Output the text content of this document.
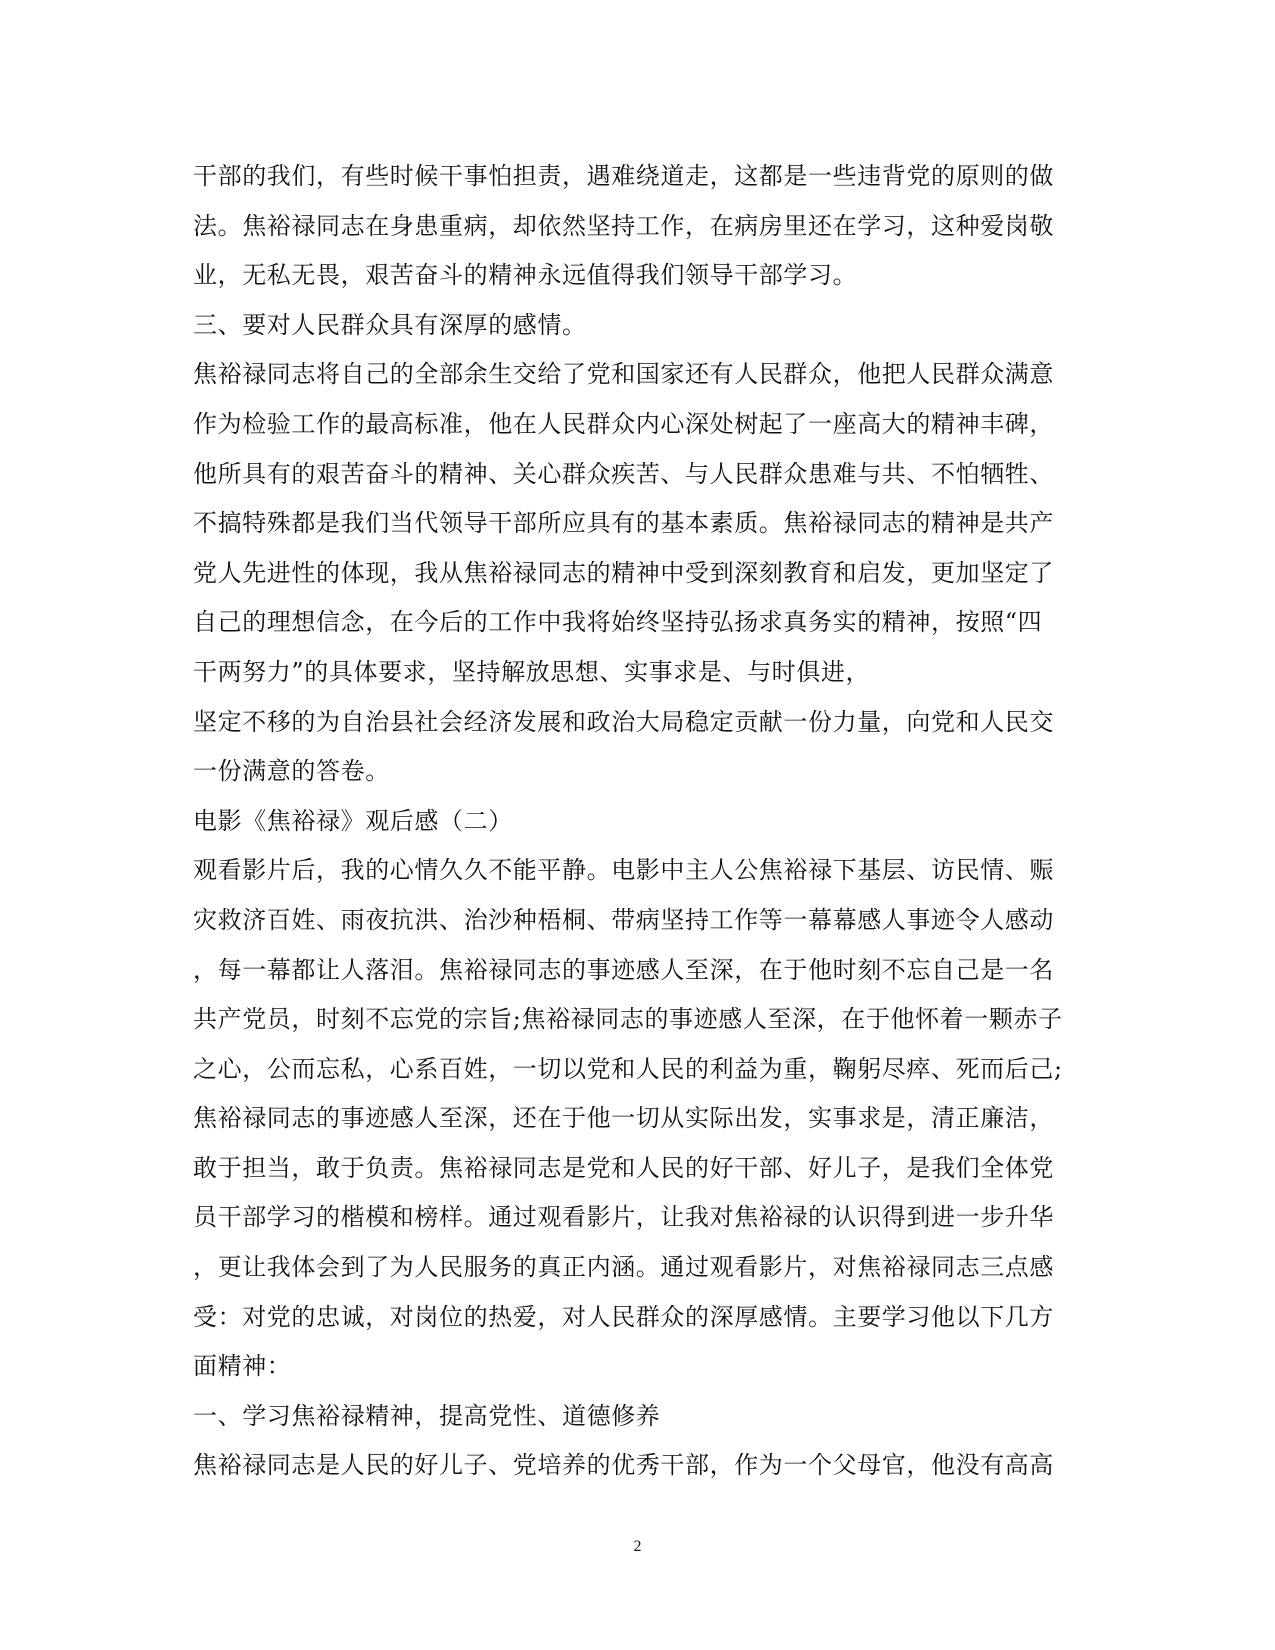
干部的我们，有些时候干事怕担责，遇难绕道走，这都是一些违背党的原则的做
法。焦裕禄同志在身患重病，却依然坚持工作，在病房里还在学习，这种爱岗敬
业，无私无畏，艰苦奋斗的精神永远值得我们领导干部学习。
三、要对人民群众具有深厚的感情。
焦裕禄同志将自己的全部余生交给了党和国家还有人民群众，他把人民群众满意
作为检验工作的最高标准，他在人民群众内心深处树起了一座高大的精神丰碑，
他所具有的艰苦奋斗的精神、关心群众疾苦、与人民群众患难与共、不怕牺牲、
不搞特殊都是我们当代领导干部所应具有的基本素质。焦裕禄同志的精神是共产
党人先进性的体现，我从焦裕禄同志的精神中受到深刻教育和启发，更加坚定了
自己的理想信念，在今后的工作中我将始终坚持弘扬求真务实的精神，按照“四
干两努力”的具体要求，坚持解放思想、实事求是、与时俱进，
坚定不移的为自治县社会经济发展和政治大局稳定贡献一份力量，向党和人民交
一份满意的答卷。
电影《焦裕禄》观后感（二）
观看影片后，我的心情久久不能平静。电影中主人公焦裕禄下基层、访民情、赈
灾救济百姓、雨夜抗洪、治沙种梧桐、带病坚持工作等一幕幕感人事迹令人感动
，每一幕都让人落泪。焦裕禄同志的事迹感人至深，在于他时刻不忘自己是一名
共产党员，时刻不忘党的宗旨;焦裕禄同志的事迹感人至深，在于他怀着一颗赤子
之心，公而忘私，心系百姓，一切以党和人民的利益为重，鞠躬尽瘁、死而后己;
焦裕禄同志的事迹感人至深，还在于他一切从实际出发，实事求是，清正廉洁，
敢于担当，敢于负责。焦裕禄同志是党和人民的好干部、好儿子，是我们全体党
员干部学习的楷模和榜样。通过观看影片，让我对焦裕禄的认识得到进一步升华
，更让我体会到了为人民服务的真正内涵。通过观看影片，对焦裕禄同志三点感
受：对党的忠诚，对岗位的热爱，对人民群众的深厚感情。主要学习他以下几方
面精神：
一、学习焦裕禄精神，提高党性、道德修养
焦裕禄同志是人民的好儿子、党培养的优秀干部，作为一个父母官，他没有高高
2
